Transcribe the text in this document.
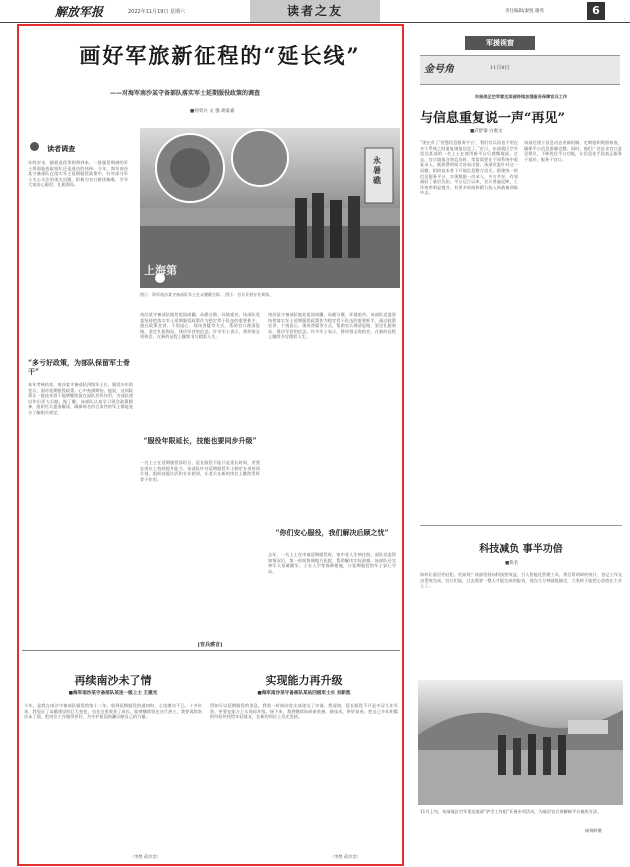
解放军报	2022年11月19日 星期六	读者之友	责任编辑/秦悦 谢英	6
画好军旅新征程的“延长线”
——对海军南沙某守备部队落实军士延期服役政策的调查
■何勇兵 文 强 胡家嘉
读者调查
年终岁末，随着退役季即将到来，一批服役期满的军士将面临选取留队还是退伍的抉择。今年，海军南沙某守备部队在落实军士延期服役政策中，针对部分军士关心关注的现实问题，积极为官兵排忧解难，引导大家安心服役、扎根海岛。
永暑礁
上海第
图①：海军南沙某守备部队军士在永暑礁合影。 图②：官兵开展专业训练。
“多亏好政策，为部队保留军士骨干”
本年考核结束，南沙某守备部队四级军士长、服役多年的老兵，面对延期服役政策，心中充满期待。他说，这项政策让一批技术骨干能够继续留在部队发挥作用，为部队建设作出更大贡献。据了解，该部队认真学习领会政策精神，组织官兵逐条解读，确保每名符合条件的军士都能充分了解相关规定。
南沙某守备部队地处祖国南疆，岛礁分散、环境艰苦。该部队党委坚持把落实军士延期服役政策作为稳定骨干队伍的重要抓手，通过政策宣讲、个别谈心、现场答疑等方式，帮助官兵理清思路，坚定扎根海岛、建功军营的信念。许多军士表示，将珍惜宝贵机会，在新的征程上继续书写精彩人生。
“服役年限延长，技能也要同步升级”
一名上士在延期服役前坦言，延长服役不能只是延长时间，更要在岗位上持续提升能力。该部队针对延期服役军士制定专项培训计划，组织技能比武和专业轮训，让老兵在新的岗位上继续发挥骨干作用。
南沙某守备部队地处祖国南疆，岛礁分散、环境艰苦。该部队党委坚持把落实军士延期服役政策作为稳定骨干队伍的重要抓手，通过政策宣讲、个别谈心、现场答疑等方式，帮助官兵理清思路，坚定扎根海岛、建功军营的信念。许多军士表示，将珍惜宝贵机会，在新的征程上继续书写精彩人生。
“你们安心服役，我们解决后顾之忧”
去年，一名上士在申请延期服役时，家中老人生病住院。部队党委得知情况后，第一时间协调地方医院，帮助解决实际困难。该部队还完善军人家属随军、子女入学等保障措施，让延期服役的军士安心守岛。
[官兵感言]
再续南沙未了情
■海军南沙某守备部队某连一级上士 王建光
今年，是我在南沙守备部队服役的第十二年。收到延期服役的通知时，心里激动不已。十多年来，我见证了岛礁建设的巨大变化，也在这里收获了成长。能够继续留在这片热土，我要再续南沙未了情，把岗位工作做得更好，为守护祖国南疆贡献自己的力量。
（李楚 蒋淳荧）
实现能力再升级
■海军南沙某守备部队某站四级军士长 刘新凯
得知可以延期服役的消息，我第一时间向党支部递交了申请。我深知，延长服役不只是多穿几年军装，更要在能力上实现再升级。接下来，我将继续钻研新装备、新技术，带好徒弟，把自己多年积累的经验传授给年轻战友，在新的岗位上发光发热。
（李楚 蒋淳荧）
军援视窗
金号角	11月8日
东部战区空军雷达某部持续加强服务保障官兵工作
与信息重复说一声“再见”
■武舒秦 白惠文
“现在有了‘智慧信息服务平台’，我们官兵再也不用在多个系统之间重复填报信息了。”近日，东部战区空军雷达某部的一名上士在使用新平台后感慨地说。过去，官兵填报各类信息时，常常需要在不同系统中重复录入，既耗费时间又容易出错。该部党委针对这一问题，组织技术骨干开展信息整合攻关，搭建统一的信息服务平台，实现数据一次录入、多方共享，有效减轻了基层负担。平台运行以来，官兵普遍反映，工作效率明显提升，有更多时间和精力投入到战备训练中去。
该部还建立信息动态更新机制，定期组织数据核查，确保平台信息准确完整。同时，他们广泛征求官兵意见建议，不断优化平台功能，让信息化手段真正服务于基层、服务于官兵。
科技减负 事半功倍
■佚名
如何让基层更轻松、更高效？该部坚持向科技要效益，引入智能化管理工具，将日常琐碎的统计、登记工作交由系统完成。官兵们说，过去需要一整天才能完成的报表，现在几分钟就能搞定，大家终于能把心思放在主业上了。
11月上旬，东部战区空军雷达某部“护学工作组”开展专项活动，为基层官兵讲解新平台使用方法。
杨锦辉摄
